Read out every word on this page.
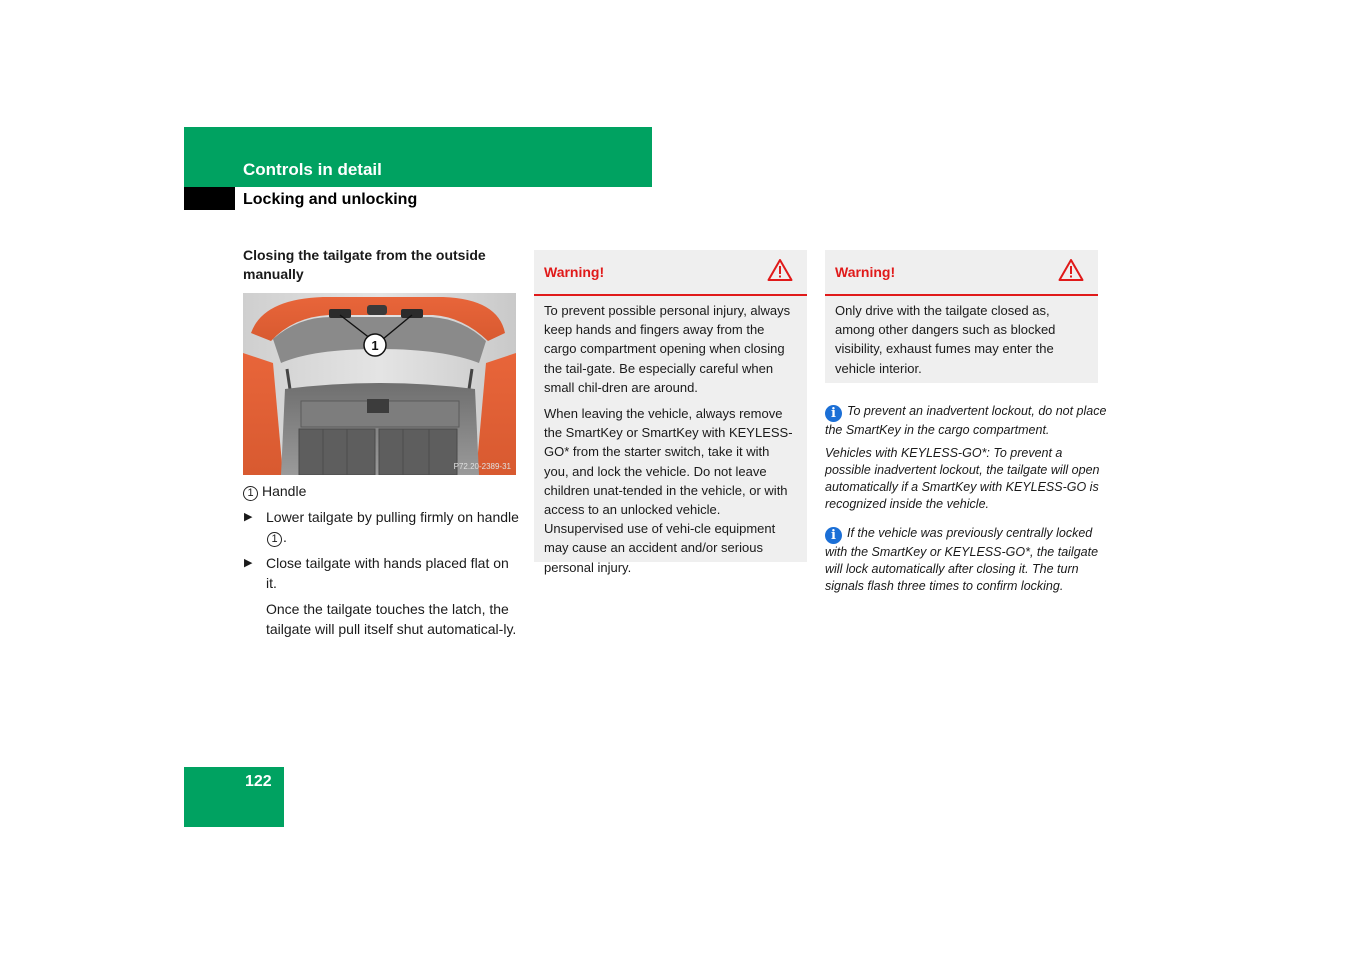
Controls in detail
Locking and unlocking
Closing the tailgate from the outside manually
1
P72.20-2389-31
1 Handle
▶ Lower tailgate by pulling firmly on handle 1 .
▶ Close tailgate with hands placed flat on it.
Once the tailgate touches the latch, the tailgate will pull itself shut automatical-ly.
Warning!

To prevent possible personal injury, always keep hands and fingers away from the cargo compartment opening when closing the tail-gate. Be especially careful when small chil-dren are around.

When leaving the vehicle, always remove the SmartKey or SmartKey with KEYLESS-GO* from the starter switch, take it with you, and lock the vehicle. Do not leave children unat-tended in the vehicle, or with access to an unlocked vehicle. Unsupervised use of vehi-cle equipment may cause an accident and/or serious personal injury.

Warning!

Only drive with the tailgate closed as, among other dangers such as blocked visibility, exhaust fumes may enter the vehicle interior.

i To prevent an inadvertent lockout, do not place the SmartKey in the cargo compartment.

Vehicles with KEYLESS-GO*: To prevent a possible inadvertent lockout, the tailgate will open automatically if a SmartKey with KEYLESS-GO is recognized inside the vehicle.

i If the vehicle was previously centrally locked with the SmartKey or KEYLESS-GO*, the tailgate will lock automatically after closing it. The turn signals flash three times to confirm locking.

122
